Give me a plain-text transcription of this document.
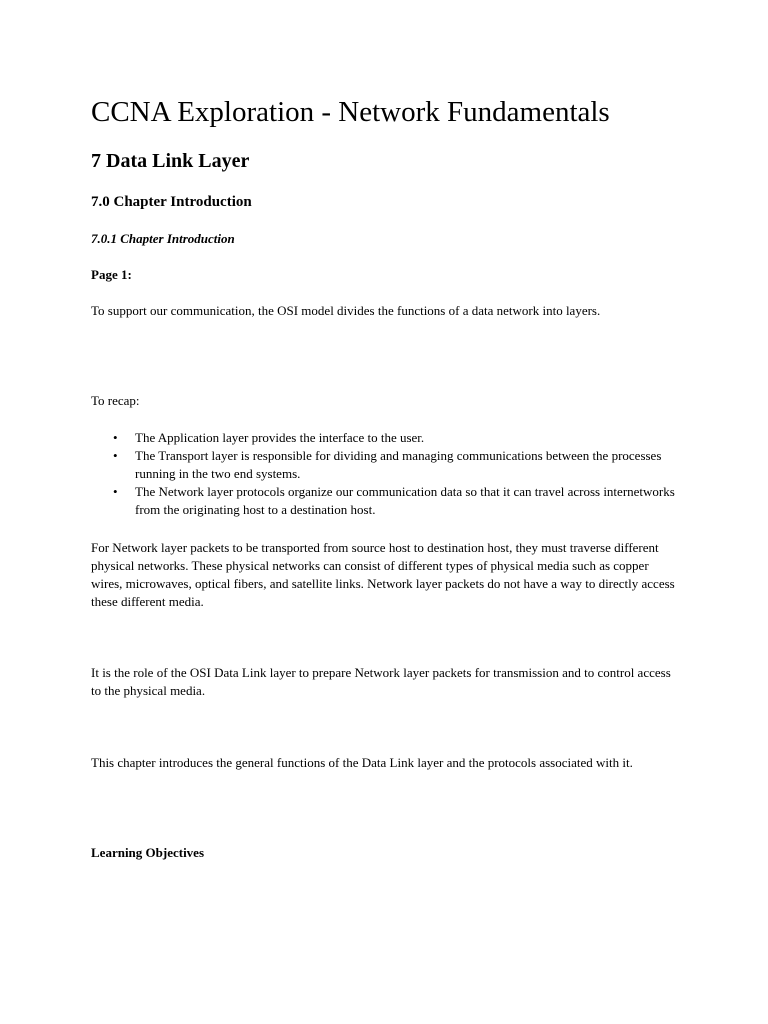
CCNA Exploration - Network Fundamentals
7 Data Link Layer
7.0 Chapter Introduction
7.0.1 Chapter Introduction

Page 1:

To support our communication, the OSI model divides the functions of a data network into layers.

To recap:

• The Application layer provides the interface to the user.
• The Transport layer is responsible for dividing and managing communications between the processes running in the two end systems.
• The Network layer protocols organize our communication data so that it can travel across internetworks from the originating host to a destination host.

For Network layer packets to be transported from source host to destination host, they must traverse different physical networks. These physical networks can consist of different types of physical media such as copper wires, microwaves, optical fibers, and satellite links. Network layer packets do not have a way to directly access these different media.

It is the role of the OSI Data Link layer to prepare Network layer packets for transmission and to control access to the physical media.

This chapter introduces the general functions of the Data Link layer and the protocols associated with it.

Learning Objectives
